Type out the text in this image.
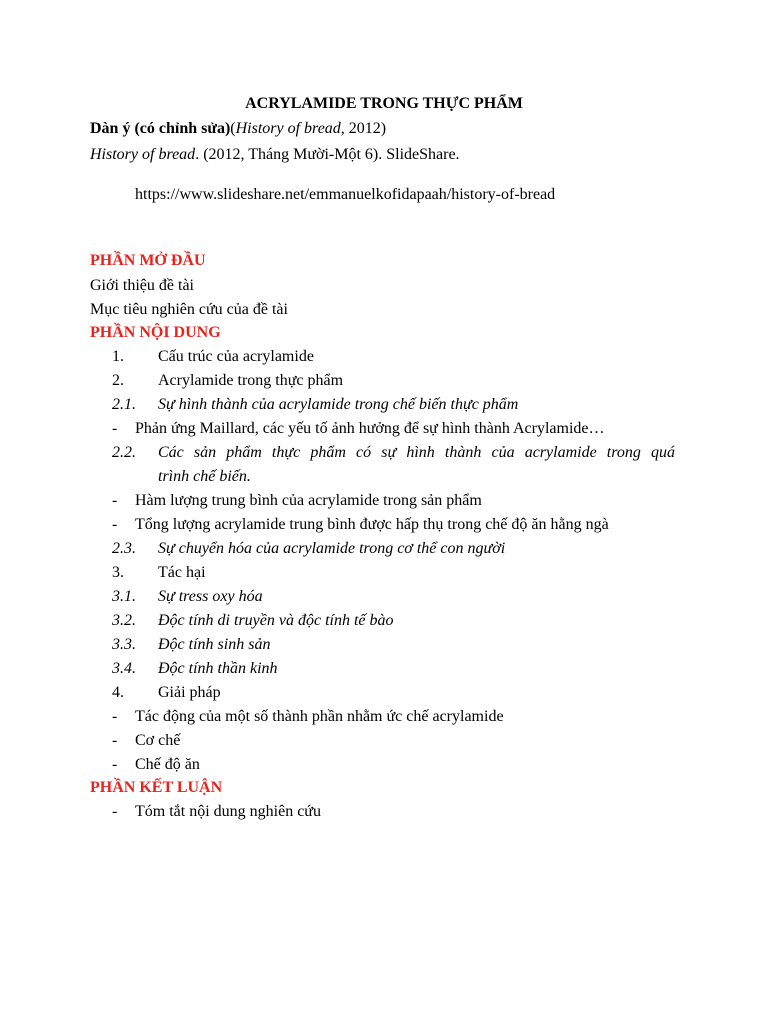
ACRYLAMIDE TRONG THỰC PHẨM
Dàn ý (có chỉnh sửa)(History of bread, 2012)
History of bread. (2012, Tháng Mười-Một 6). SlideShare.
https://www.slideshare.net/emmanuelkofidapaah/history-of-bread
PHẦN MỞ ĐẦU
Giới thiệu đề tài
Mục tiêu nghiên cứu của đề tài
PHẦN NỘI DUNG
1. Cấu trúc của acrylamide
2. Acrylamide trong thực phẩm
2.1. Sự hình thành của acrylamide trong chế biến thực phẩm
- Phản ứng Maillard, các yếu tố ảnh hưởng để sự hình thành Acrylamide…
2.2. Các sản phẩm thực phẩm có sự hình thành của acrylamide trong quá
trình chế biến.
- Hàm lượng trung bình của acrylamide trong sản phẩm
- Tổng lượng acrylamide trung bình được hấp thụ trong chế độ ăn hằng ngà
2.3. Sự chuyển hóa của acrylamide trong cơ thể con người
3. Tác hại
3.1. Sự tress oxy hóa
3.2. Độc tính di truyền và độc tính tế bào
3.3. Độc tính sinh sản
3.4. Độc tính thần kinh
4. Giải pháp
- Tác động của một số thành phần nhằm ức chế acrylamide
- Cơ chế
- Chế độ ăn
PHẦN KẾT LUẬN
- Tóm tắt nội dung nghiên cứu
